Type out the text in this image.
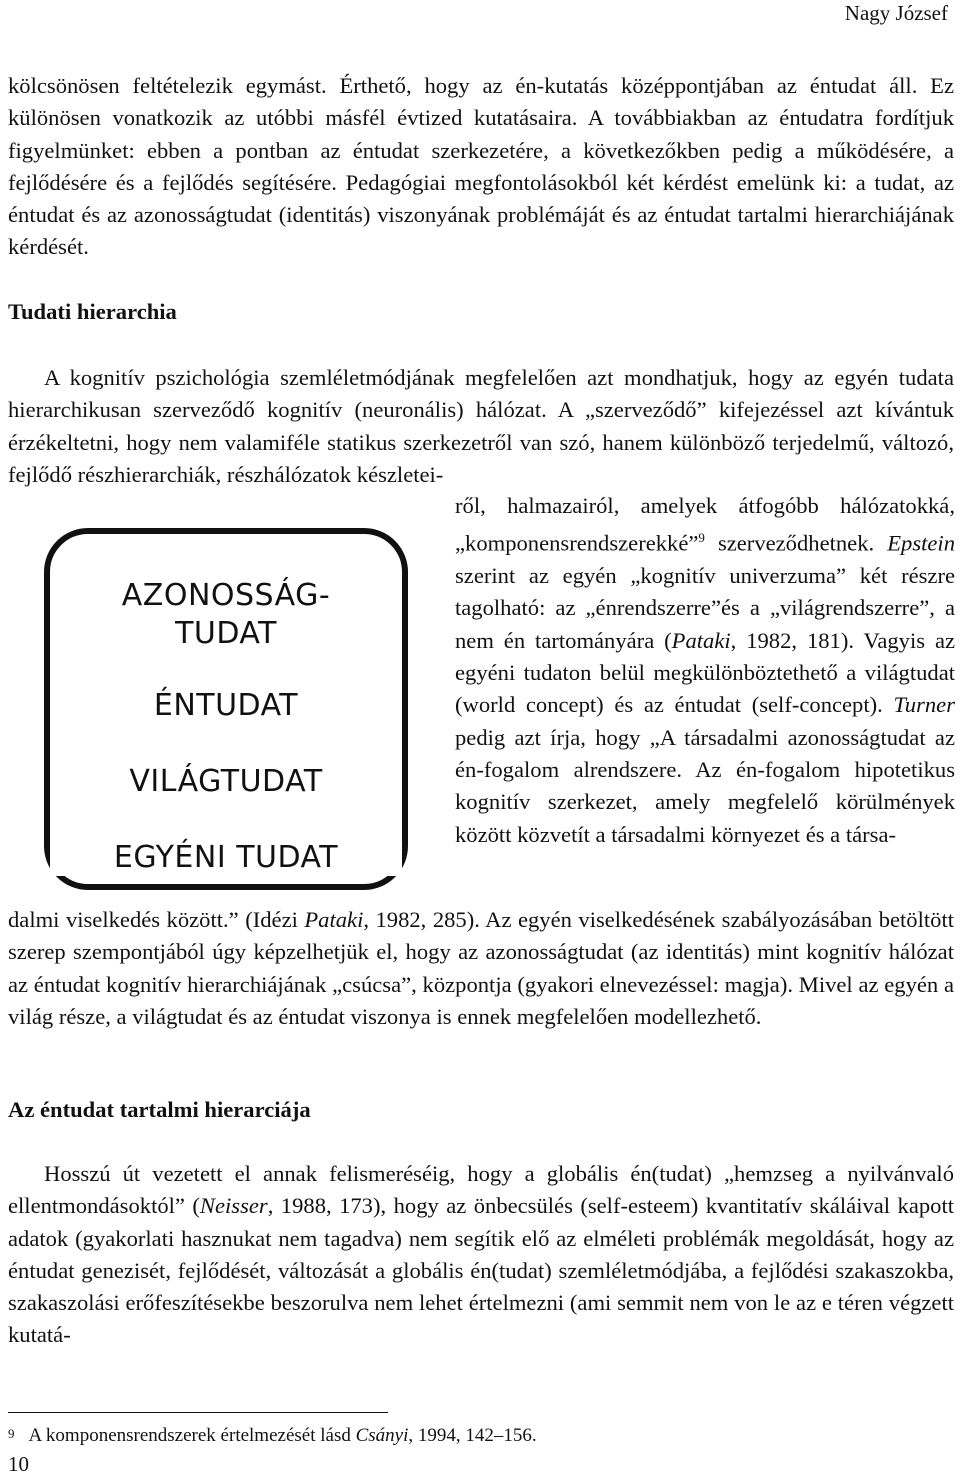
Nagy József

kölcsönösen feltételezik egymást. Érthető, hogy az én-kutatás középpontjában az éntudat áll. Ez különösen vonatkozik az utóbbi másfél évtized kutatásaira. A továbbiakban az éntudatra fordítjuk figyelmünket: ebben a pontban az éntudat szerkezetére, a következőkben pedig a működésére, a fejlődésére és a fejlődés segítésére. Pedagógiai megfontolásokból két kérdést emelünk ki: a tudat, az éntudat és az azonosságtudat (identitás) viszonyának problémáját és az éntudat tartalmi hierarchiájának kérdését.

Tudati hierarchia

A kognitív pszichológia szemléletmódjának megfelelően azt mondhatjuk, hogy az egyén tudata hierarchikusan szerveződő kognitív (neuronális) hálózat. A „szerveződő” kifejezéssel azt kívántuk érzékeltetni, hogy nem valamiféle statikus szerkezetről van szó, hanem különböző terjedelmű, változó, fejlődő részhierarchiák, részhálózatok készletei-

ről, halmazairól, amelyek átfogóbb hálózatokká, „komponensrendszerekké”$^9$ szerveződhetnek. Epstein szerint az egyén „kognitív univerzuma” két részre tagolható: az „énrendszerre”és a „világrendszerre”, a nem én tartományára (Pataki, 1982, 181). Vagyis az egyéni tudaton belül megkülönböztethető a világtudat (world concept) és az éntudat (self-concept). Turner pedig azt írja, hogy „A társadalmi azonosságtudat az én-fogalom alrendszere. Az én-fogalom hipotetikus kognitív szerkezet, amely megfelelő körülmények között közvetít a társadalmi környezet és a társa-

AZONOSSÁG-
TUDAT
ÉNTUDAT
VILÁGTUDAT
EGYÉNI TUDAT

dalmi viselkedés között.” (Idézi Pataki, 1982, 285). Az egyén viselkedésének szabályozásában betöltött szerep szempontjából úgy képzelhetjük el, hogy az azonosságtudat (az identitás) mint kognitív hálózat az éntudat kognitív hierarchiájának „csúcsa”, központja (gyakori elnevezéssel: magja). Mivel az egyén a világ része, a világtudat és az éntudat viszonya is ennek megfelelően modellezhető.

Az éntudat tartalmi hierarciája

Hosszú út vezetett el annak felismeréséig, hogy a globális én(tudat) „hemzseg a nyilvánvaló ellentmondásoktól” (Neisser, 1988, 173), hogy az önbecsülés (self-esteem) kvantitatív skáláival kapott adatok (gyakorlati hasznukat nem tagadva) nem segítik elő az elméleti problémák megoldását, hogy az éntudat genezisét, fejlődését, változását a globális én(tudat) szemléletmódjába, a fejlődési szakaszokba, szakaszolási erőfeszítésekbe beszorulva nem lehet értelmezni (ami semmit nem von le az e téren végzett kutatá-

$^9$ A komponensrendszerek értelmezését lásd Csányi, 1994, 142–156.
10
